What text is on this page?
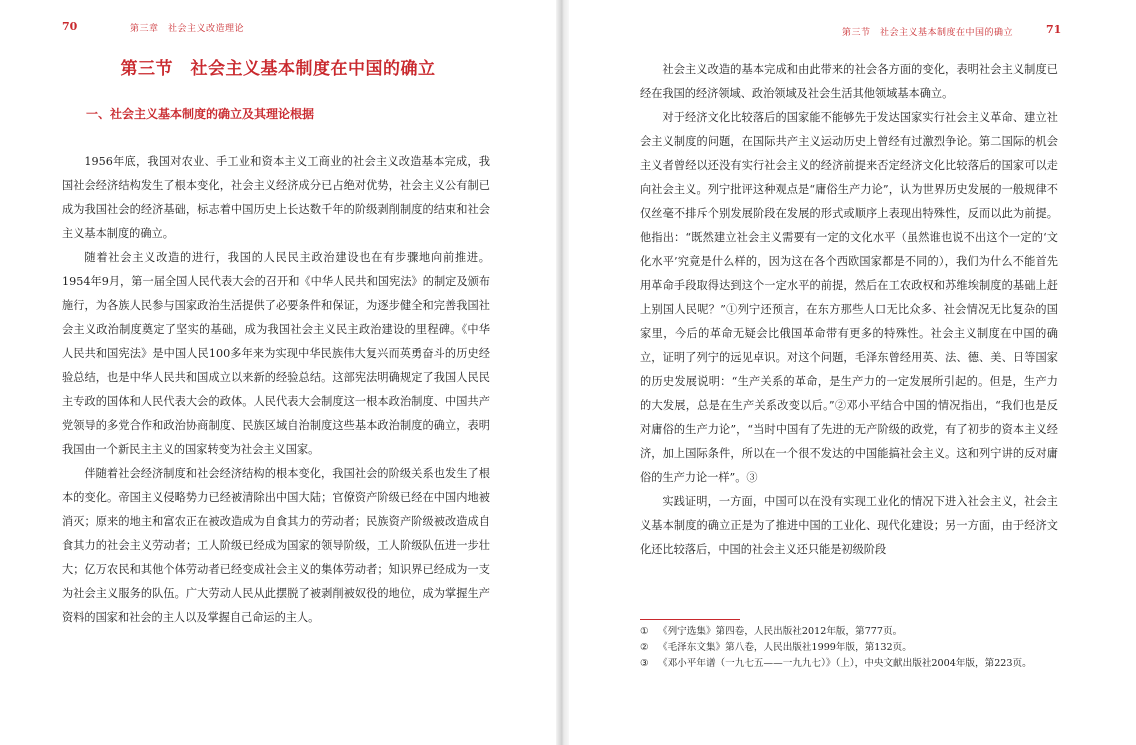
70	第三章　社会主义改造理论
第三节　社会主义基本制度在中国的确立
一、社会主义基本制度的确立及其理论根据

1956年底，我国对农业、手工业和资本主义工商业的社会主义改造基本完成，我国社会经济结构发生了根本变化，社会主义经济成分已占绝对优势，社会主义公有制已成为我国社会的经济基础，标志着中国历史上长达数千年的阶级剥削制度的结束和社会主义基本制度的确立。

随着社会主义改造的进行，我国的人民民主政治建设也在有步骤地向前推进。1954年9月，第一届全国人民代表大会的召开和《中华人民共和国宪法》的制定及颁布施行，为各族人民参与国家政治生活提供了必要条件和保证，为逐步健全和完善我国社会主义政治制度奠定了坚实的基础，成为我国社会主义民主政治建设的里程碑。《中华人民共和国宪法》是中国人民100多年来为实现中华民族伟大复兴而英勇奋斗的历史经验总结，也是中华人民共和国成立以来新的经验总结。这部宪法明确规定了我国人民民主专政的国体和人民代表大会的政体。人民代表大会制度这一根本政治制度、中国共产党领导的多党合作和政治协商制度、民族区域自治制度这些基本政治制度的确立，表明我国由一个新民主主义的国家转变为社会主义国家。

伴随着社会经济制度和社会经济结构的根本变化，我国社会的阶级关系也发生了根本的变化。帝国主义侵略势力已经被清除出中国大陆；官僚资产阶级已经在中国内地被消灭；原来的地主和富农正在被改造成为自食其力的劳动者；民族资产阶级被改造成自食其力的社会主义劳动者；工人阶级已经成为国家的领导阶级，工人阶级队伍进一步壮大；亿万农民和其他个体劳动者已经变成社会主义的集体劳动者；知识界已经成为一支为社会主义服务的队伍。广大劳动人民从此摆脱了被剥削被奴役的地位，成为掌握生产资料的国家和社会的主人以及掌握自己命运的主人。

第三节　社会主义基本制度在中国的确立	71

社会主义改造的基本完成和由此带来的社会各方面的变化，表明社会主义制度已经在我国的经济领域、政治领域及社会生活其他领域基本确立。

对于经济文化比较落后的国家能不能够先于发达国家实行社会主义革命、建立社会主义制度的问题，在国际共产主义运动历史上曾经有过激烈争论。第二国际的机会主义者曾经以还没有实行社会主义的经济前提来否定经济文化比较落后的国家可以走向社会主义。列宁批评这种观点是“庸俗生产力论”，认为世界历史发展的一般规律不仅丝毫不排斥个别发展阶段在发展的形式或顺序上表现出特殊性，反而以此为前提。他指出：“既然建立社会主义需要有一定的文化水平（虽然谁也说不出这个一定的‘文化水平’究竟是什么样的，因为这在各个西欧国家都是不同的），我们为什么不能首先用革命手段取得达到这个一定水平的前提，然后在工农政权和苏维埃制度的基础上赶上别国人民呢？”①列宁还预言，在东方那些人口无比众多、社会情况无比复杂的国家里，今后的革命无疑会比俄国革命带有更多的特殊性。社会主义制度在中国的确立，证明了列宁的远见卓识。对这个问题，毛泽东曾经用英、法、德、美、日等国家的历史发展说明：“生产关系的革命，是生产力的一定发展所引起的。但是，生产力的大发展，总是在生产关系改变以后。”②邓小平结合中国的情况指出，“我们也是反对庸俗的生产力论”，“当时中国有了先进的无产阶级的政党，有了初步的资本主义经济，加上国际条件，所以在一个很不发达的中国能搞社会主义。这和列宁讲的反对庸俗的生产力论一样”。③

实践证明，一方面，中国可以在没有实现工业化的情况下进入社会主义，社会主义基本制度的确立正是为了推进中国的工业化、现代化建设；另一方面，由于经济文化还比较落后，中国的社会主义还只能是初级阶段

① 《列宁选集》第四卷，人民出版社2012年版，第777页。
② 《毛泽东文集》第八卷，人民出版社1999年版，第132页。
③ 《邓小平年谱（一九七五——一九九七）》（上），中央文献出版社2004年版，第223页。
